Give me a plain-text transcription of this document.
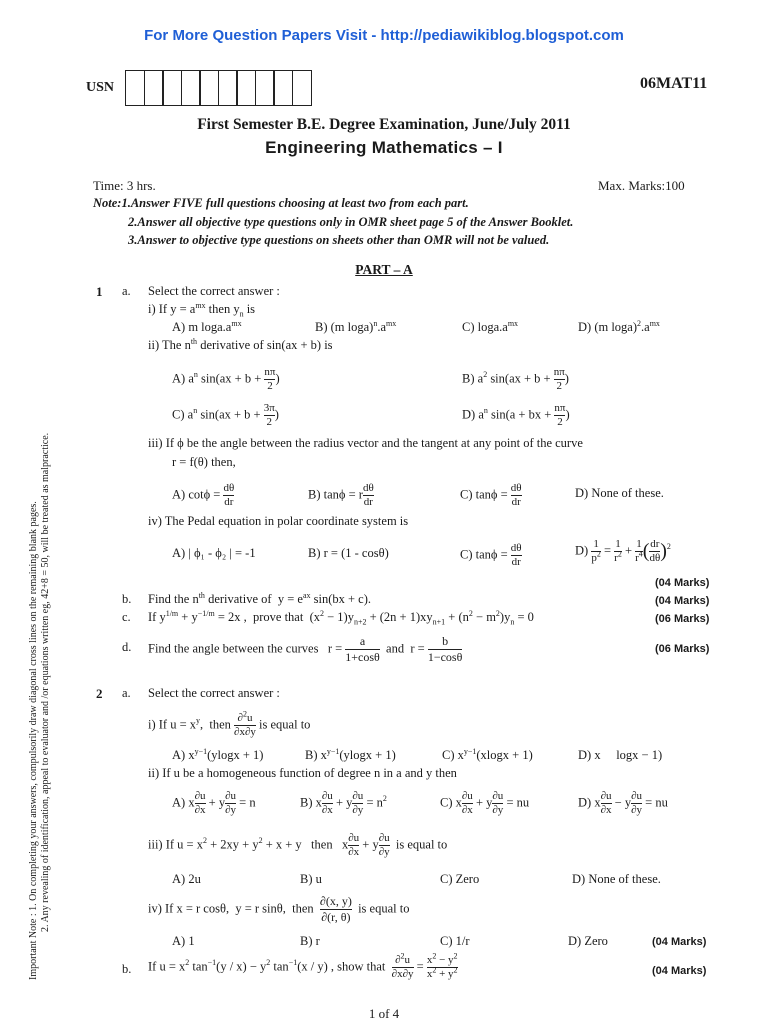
For More Question Papers Visit - http://pediawikiblog.blogspot.com
USN	06MAT11
First Semester B.E. Degree Examination, June/July 2011
Engineering Mathematics – I
Time: 3 hrs.	Max. Marks:100
Note:1.Answer FIVE full questions choosing at least two from each part.
2.Answer all objective type questions only in OMR sheet page 5 of the Answer Booklet.
3.Answer to objective type questions on sheets other than OMR will not be valued.
PART – A
1 a. Select the correct answer :
i) If $y = a^{mx}$ then $y_n$ is
A) m $\log a.a^{mx}$	B) (m $\log a)^n.a^{mx}$	C) $\log a.a^{mx}$	D) (m $\log a)^2.a^{mx}$
ii) The $n^{th}$ derivative of sin(ax + b) is
A) $a^n$ $\sin(ax + b + \frac{n\pi}{2}$ )	B) $a^2$ $\sin(ax + b + \frac{n\pi}{2}$ )
C) $a^n$ $\sin(ax + b + \frac{3\pi}{2}$ )	D) $a^n$ sin(a + bx + $\frac{n\pi}{2}$ )
iii) If ϕ be the angle between the radius vector and the tangent at any point of the curve
r = f(θ) then,
A) $\cot\phi = \frac{d\theta}{dr}$	B) tanϕ = r $\frac{d\theta}{dr}$	C) $\tan\phi = \frac{d\theta}{dr}$	D) None of these.
iv) The Pedal equation in polar coordinate system is
A) | ϕ₁ - ϕ₂ | = -1	B) r = (1 - cosθ)	C) $\tan\phi = \frac{d\theta}{dr}$	$D) \frac{1}{p^2} = \frac{1}{r^2} + \frac{1}{r^4}$ ( $\frac{dr}{d\theta} )^2$
(04 Marks)
b. Find the $n^{th}$ derivative of  $y = e^{ax}$ sin(bx + c).	(04 Marks)
c. If $y^{1/m} + y^{-1/m} = 2x$ ,  prove that  $(x^2 - 1)y_{n+2} + (2n + 1)xy_{n+1} + (n^2 - m^2)y_n = 0$	(06 Marks)
d. Find the angle between the curves   $r = \frac{a}{1+\cos\theta}$ and  $r = \frac{b}{1-\cos\theta}$	(06 Marks)
2 a. Select the correct answer :
i) If $u = x^y$,  then $\frac{\partial^2u}{\partial x\partial y}$ is equal to
A) $x^{y-1}(ylogx + 1)$	B) $x^{y-1}(ylogx + 1)$	C) $x^{y-1}(xlogx + 1)$	D) x     logx − 1)
ii) If u be a homogeneous function of degree n in a and y then
A) x $\frac{\partial u}{\partial x} + y \frac{\partial u}{\partial y} = n$	B) x $\frac{\partial u}{\partial x} + y \frac{\partial u}{\partial y} = n^2$	C) x $\frac{\partial u}{\partial x} + y \frac{\partial u}{\partial y}$ = nu	D) x $\frac{\partial u}{\partial x} - y \frac{\partial u}{\partial y}$ = nu
iii) If $u = x^2 + 2xy + y^2 + x + y$   then   x $\frac{\partial u}{\partial x} + y \frac{\partial u}{\partial y}$ is equal to
A) 2u	B) u	C) Zero	D) None of these.
iv) If x = r cosθ,  y = r sinθ,  then $\frac{\partial(x, y)}{\partial(r, \theta)}$ is equal to
A) 1	B) r	C) 1/r	D) Zero	(04 Marks)
b. If $u = x^2$ $\tan^{-1}(y / x) - y^2$ $\tan^{-1}(x / y)$ , show that $\frac{\partial^2u}{\partial x\partial y} = \frac{x^2 - y^2}{x^2 + y^2}$	(04 Marks)
Important Note : 1. On completing your answers, compulsorily draw diagonal cross lines on the remaining blank pages. 2. Any revealing of identification, appeal to evaluator and /or equations written eg, 42+8 = 50, will be treated as malpractice.
1 of 4
